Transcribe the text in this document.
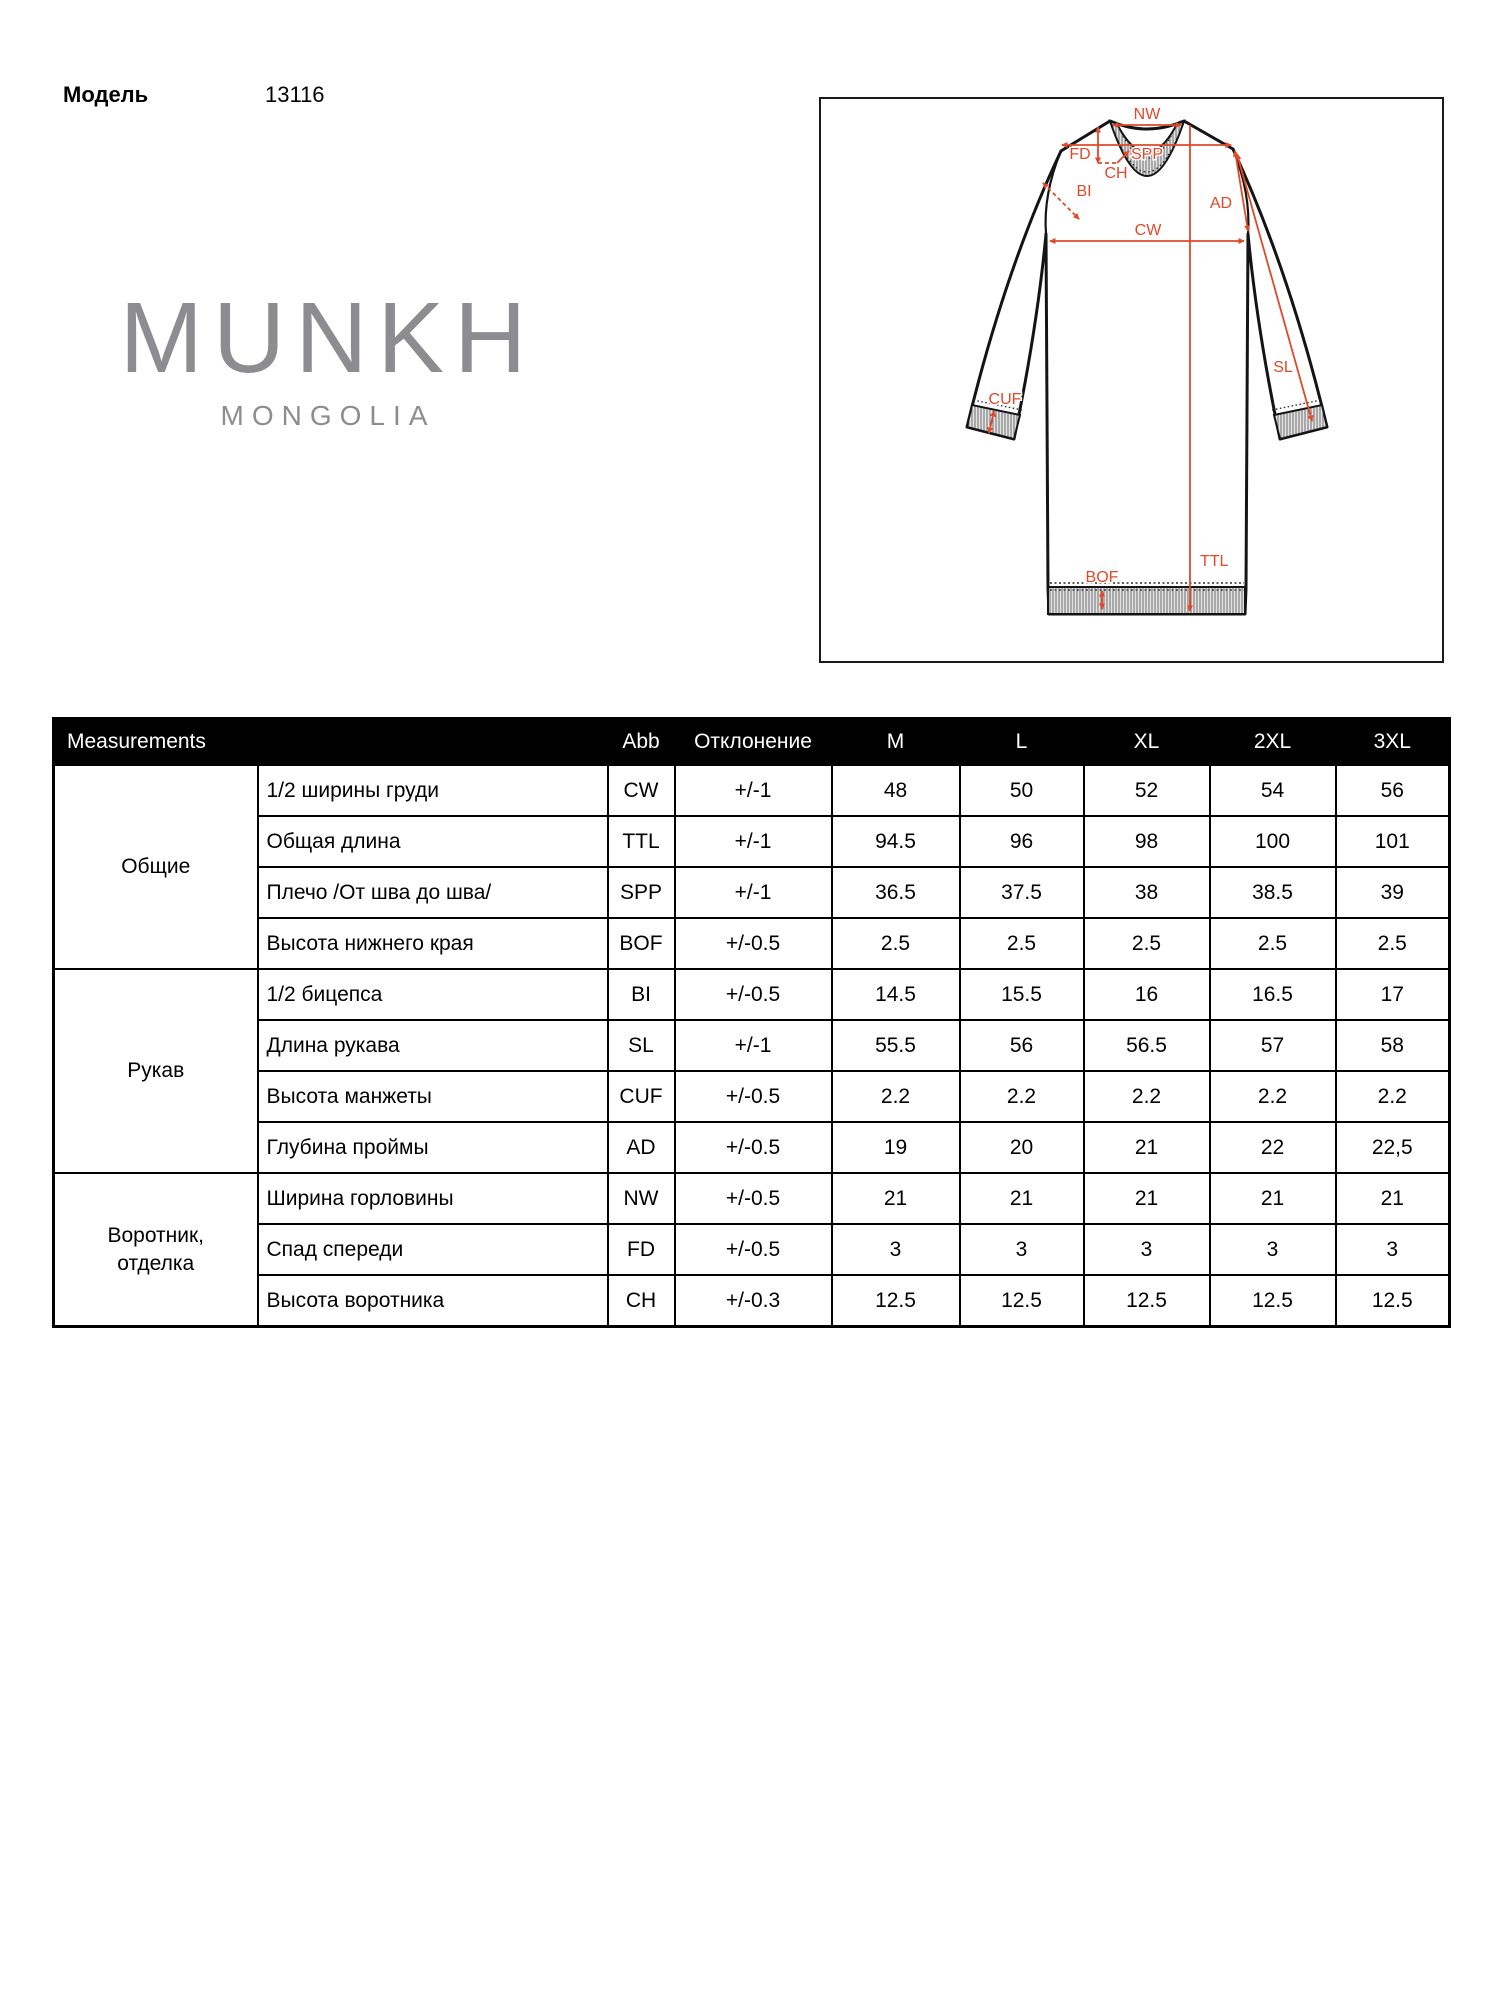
Модель	13116
MUNKH
MONGOLIA
NW
SPP
FD
CH
BI
AD
CW
SL
CUF
TTL
BOF
Measurements		Abb	Отклонение	M	L	XL	2XL	3XL

Общие	1/2 ширины груди	CW	+/-1	48	50	52	54	56
	Общая длина	TTL	+/-1	94.5	96	98	100	101
	Плечо /От шва до шва/	SPP	+/-1	36.5	37.5	38	38.5	39
	Высота нижнего края	BOF	+/-0.5	2.5	2.5	2.5	2.5	2.5

Рукав	1/2 бицепса	BI	+/-0.5	14.5	15.5	16	16.5	17
	Длина рукава	SL	+/-1	55.5	56	56.5	57	58
	Высота манжеты	CUF	+/-0.5	2.2	2.2	2.2	2.2	2.2
	Глубина проймы	AD	+/-0.5	19	20	21	22	22,5

Воротник, отделка	Ширина горловины	NW	+/-0.5	21	21	21	21	21
	Спад спереди	FD	+/-0.5	3	3	3	3	3
	Высота воротника	CH	+/-0.3	12.5	12.5	12.5	12.5	12.5
